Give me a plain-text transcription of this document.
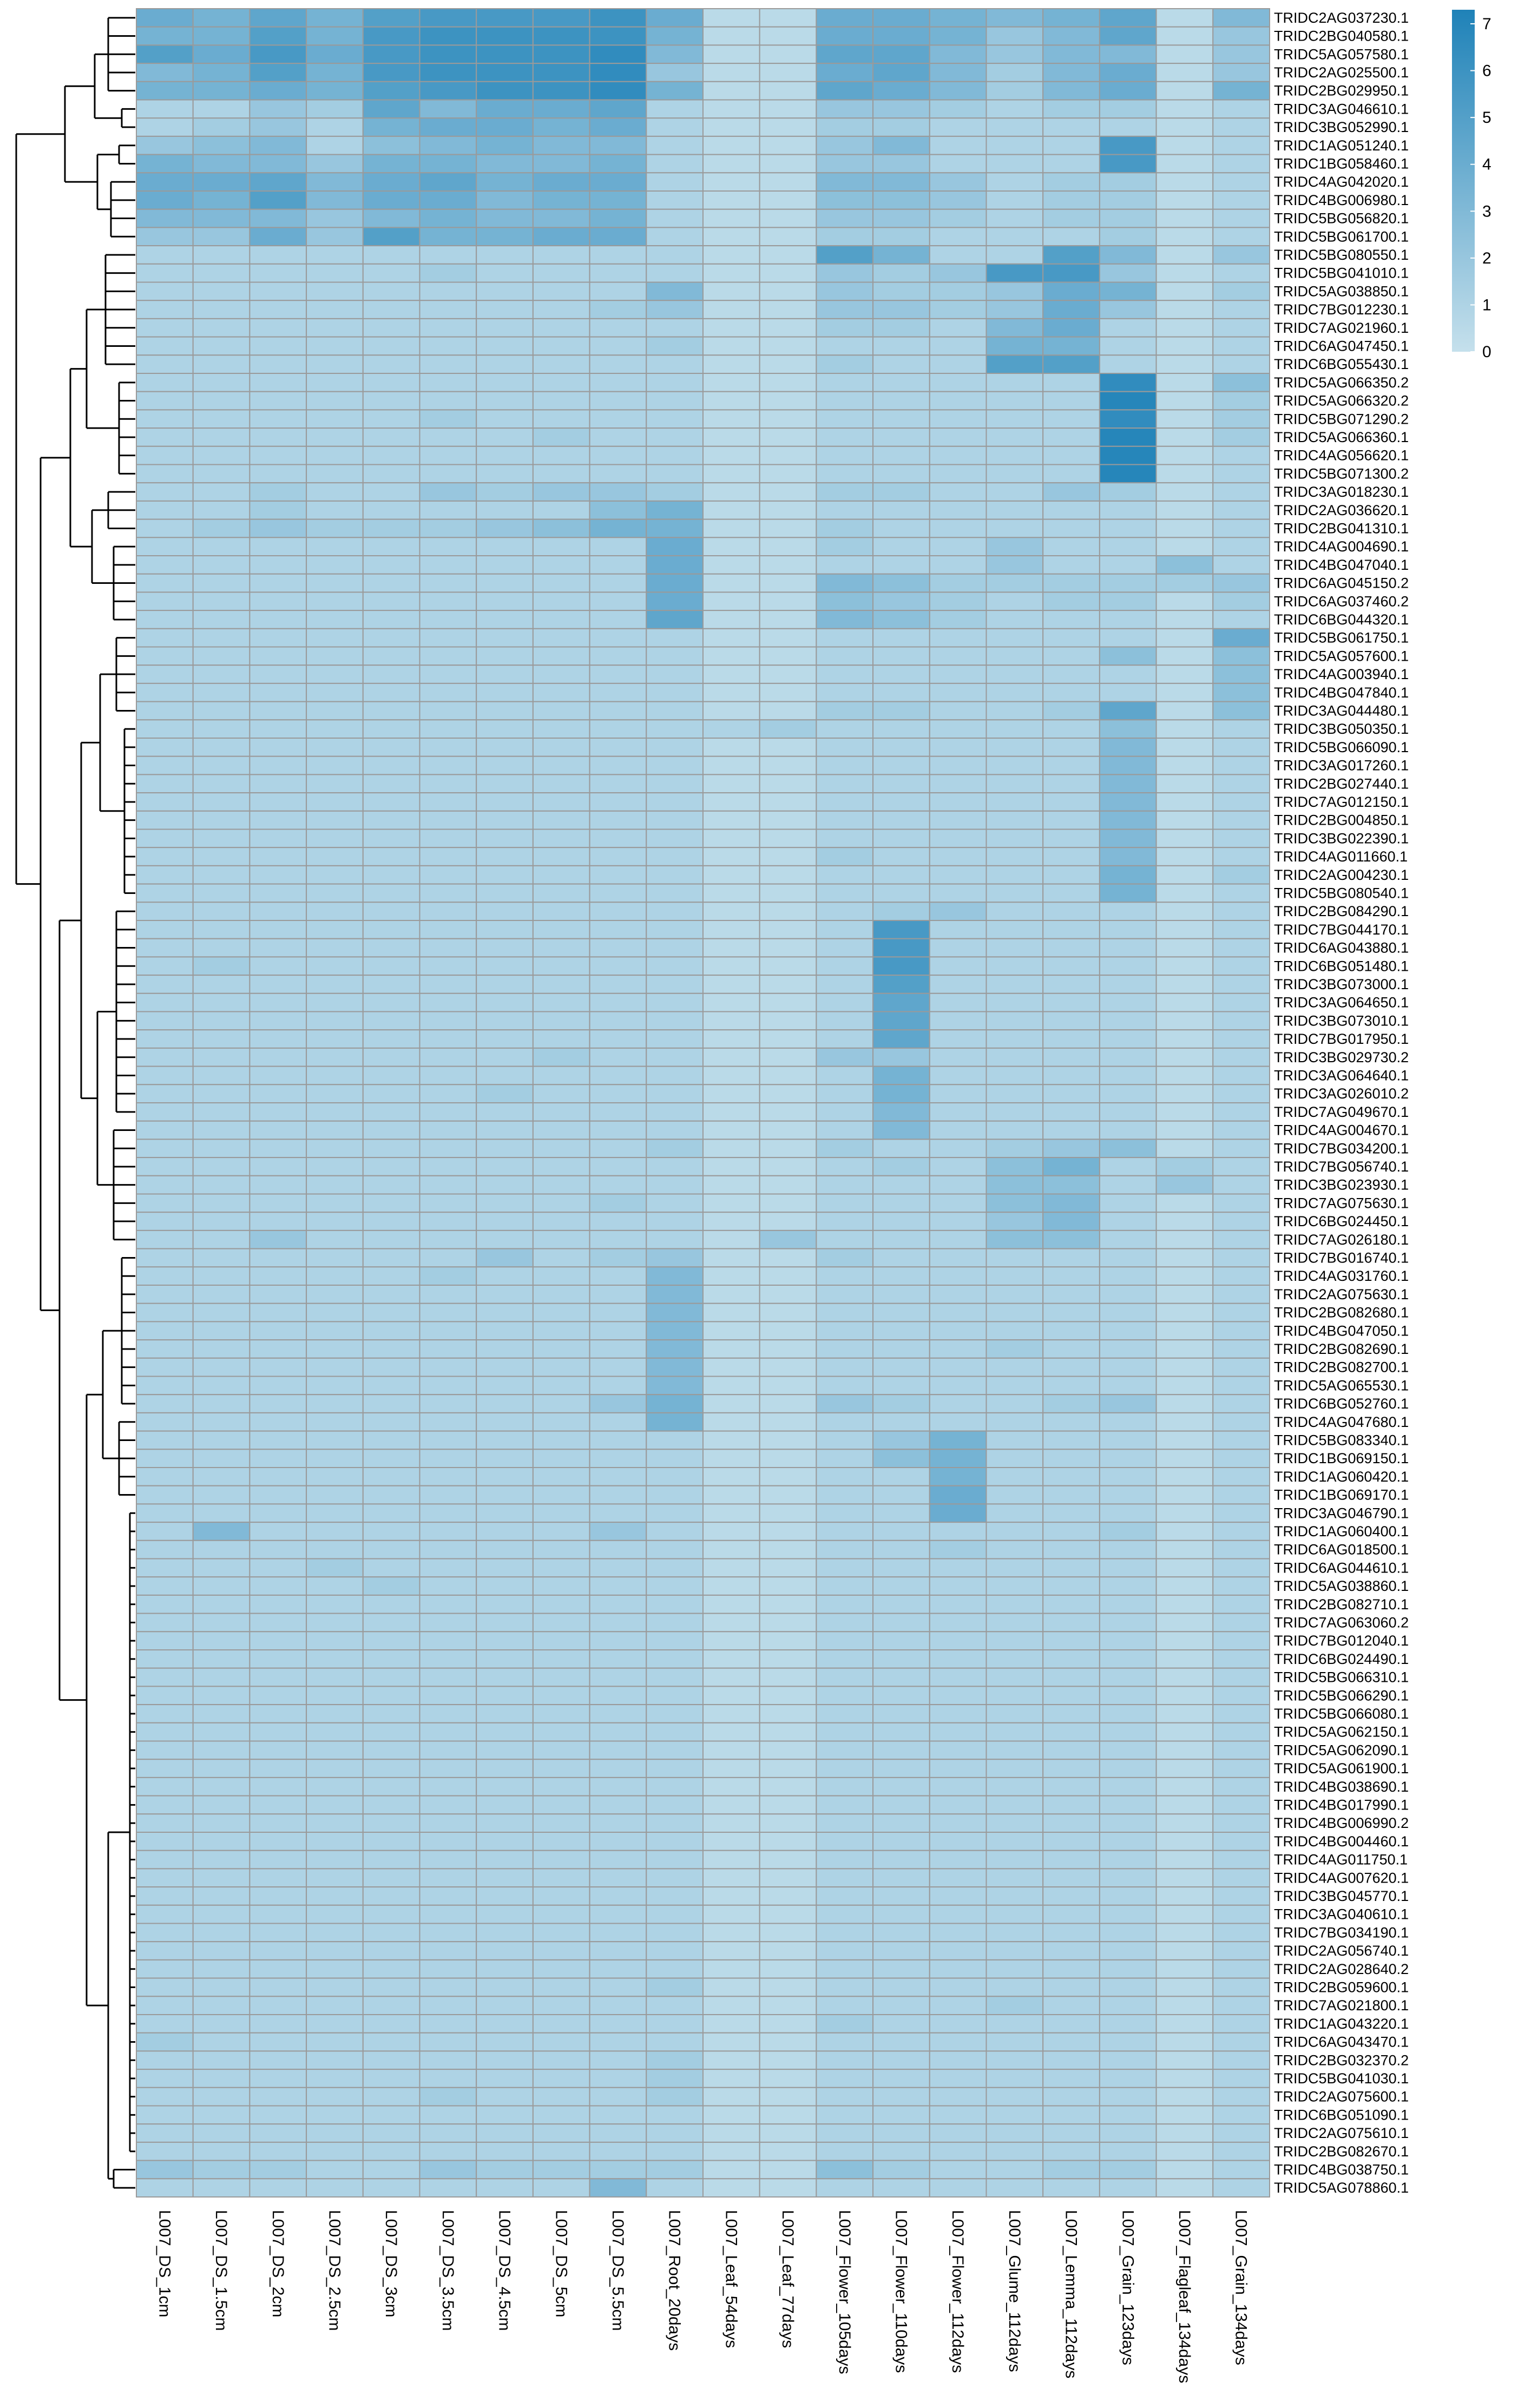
TRIDC2AG037230.1
TRIDC2BG040580.1
TRIDC5AG057580.1
TRIDC2AG025500.1
TRIDC2BG029950.1
TRIDC3AG046610.1
TRIDC3BG052990.1
TRIDC1AG051240.1
TRIDC1BG058460.1
TRIDC4AG042020.1
TRIDC4BG006980.1
TRIDC5BG056820.1
TRIDC5BG061700.1
TRIDC5BG080550.1
TRIDC5BG041010.1
TRIDC5AG038850.1
TRIDC7BG012230.1
TRIDC7AG021960.1
TRIDC6AG047450.1
TRIDC6BG055430.1
TRIDC5AG066350.2
TRIDC5AG066320.2
TRIDC5BG071290.2
TRIDC5AG066360.1
TRIDC4AG056620.1
TRIDC5BG071300.2
TRIDC3AG018230.1
TRIDC2AG036620.1
TRIDC2BG041310.1
TRIDC4AG004690.1
TRIDC4BG047040.1
TRIDC6AG045150.2
TRIDC6AG037460.2
TRIDC6BG044320.1
TRIDC5BG061750.1
TRIDC5AG057600.1
TRIDC4AG003940.1
TRIDC4BG047840.1
TRIDC3AG044480.1
TRIDC3BG050350.1
TRIDC5BG066090.1
TRIDC3AG017260.1
TRIDC2BG027440.1
TRIDC7AG012150.1
TRIDC2BG004850.1
TRIDC3BG022390.1
TRIDC4AG011660.1
TRIDC2AG004230.1
TRIDC5BG080540.1
TRIDC2BG084290.1
TRIDC7BG044170.1
TRIDC6AG043880.1
TRIDC6BG051480.1
TRIDC3BG073000.1
TRIDC3AG064650.1
TRIDC3BG073010.1
TRIDC7BG017950.1
TRIDC3BG029730.2
TRIDC3AG064640.1
TRIDC3AG026010.2
TRIDC7AG049670.1
TRIDC4AG004670.1
TRIDC7BG034200.1
TRIDC7BG056740.1
TRIDC3BG023930.1
TRIDC7AG075630.1
TRIDC6BG024450.1
TRIDC7AG026180.1
TRIDC7BG016740.1
TRIDC4AG031760.1
TRIDC2AG075630.1
TRIDC2BG082680.1
TRIDC4BG047050.1
TRIDC2BG082690.1
TRIDC2BG082700.1
TRIDC5AG065530.1
TRIDC6BG052760.1
TRIDC4AG047680.1
TRIDC5BG083340.1
TRIDC1BG069150.1
TRIDC1AG060420.1
TRIDC1BG069170.1
TRIDC3AG046790.1
TRIDC1AG060400.1
TRIDC6AG018500.1
TRIDC6AG044610.1
TRIDC5AG038860.1
TRIDC2BG082710.1
TRIDC7AG063060.2
TRIDC7BG012040.1
TRIDC6BG024490.1
TRIDC5BG066310.1
TRIDC5BG066290.1
TRIDC5BG066080.1
TRIDC5AG062150.1
TRIDC5AG062090.1
TRIDC5AG061900.1
TRIDC4BG038690.1
TRIDC4BG017990.1
TRIDC4BG006990.2
TRIDC4BG004460.1
TRIDC4AG011750.1
TRIDC4AG007620.1
TRIDC3BG045770.1
TRIDC3AG040610.1
TRIDC7BG034190.1
TRIDC2AG056740.1
TRIDC2AG028640.2
TRIDC2BG059600.1
TRIDC7AG021800.1
TRIDC1AG043220.1
TRIDC6AG043470.1
TRIDC2BG032370.2
TRIDC5BG041030.1
TRIDC2AG075600.1
TRIDC6BG051090.1
TRIDC2AG075610.1
TRIDC2BG082670.1
TRIDC4BG038750.1
TRIDC5AG078860.1
L007_DS_1cm L007_DS_1.5cm L007_DS_2cm L007_DS_2.5cm L007_DS_3cm L007_DS_3.5cm L007_DS_4.5cm L007_DS_5cm L007_DS_5.5cm L007_Root_20days L007_Leaf_54days L007_Leaf_77days L007_Flower_105days L007_Flower_110days L007_Flower_112days L007_Glume_112days L007_Lemma_112days L007_Grain_123days L007_Flagleaf_134days L007_Grain_134days
0
1
2
3
4
5
6
7
